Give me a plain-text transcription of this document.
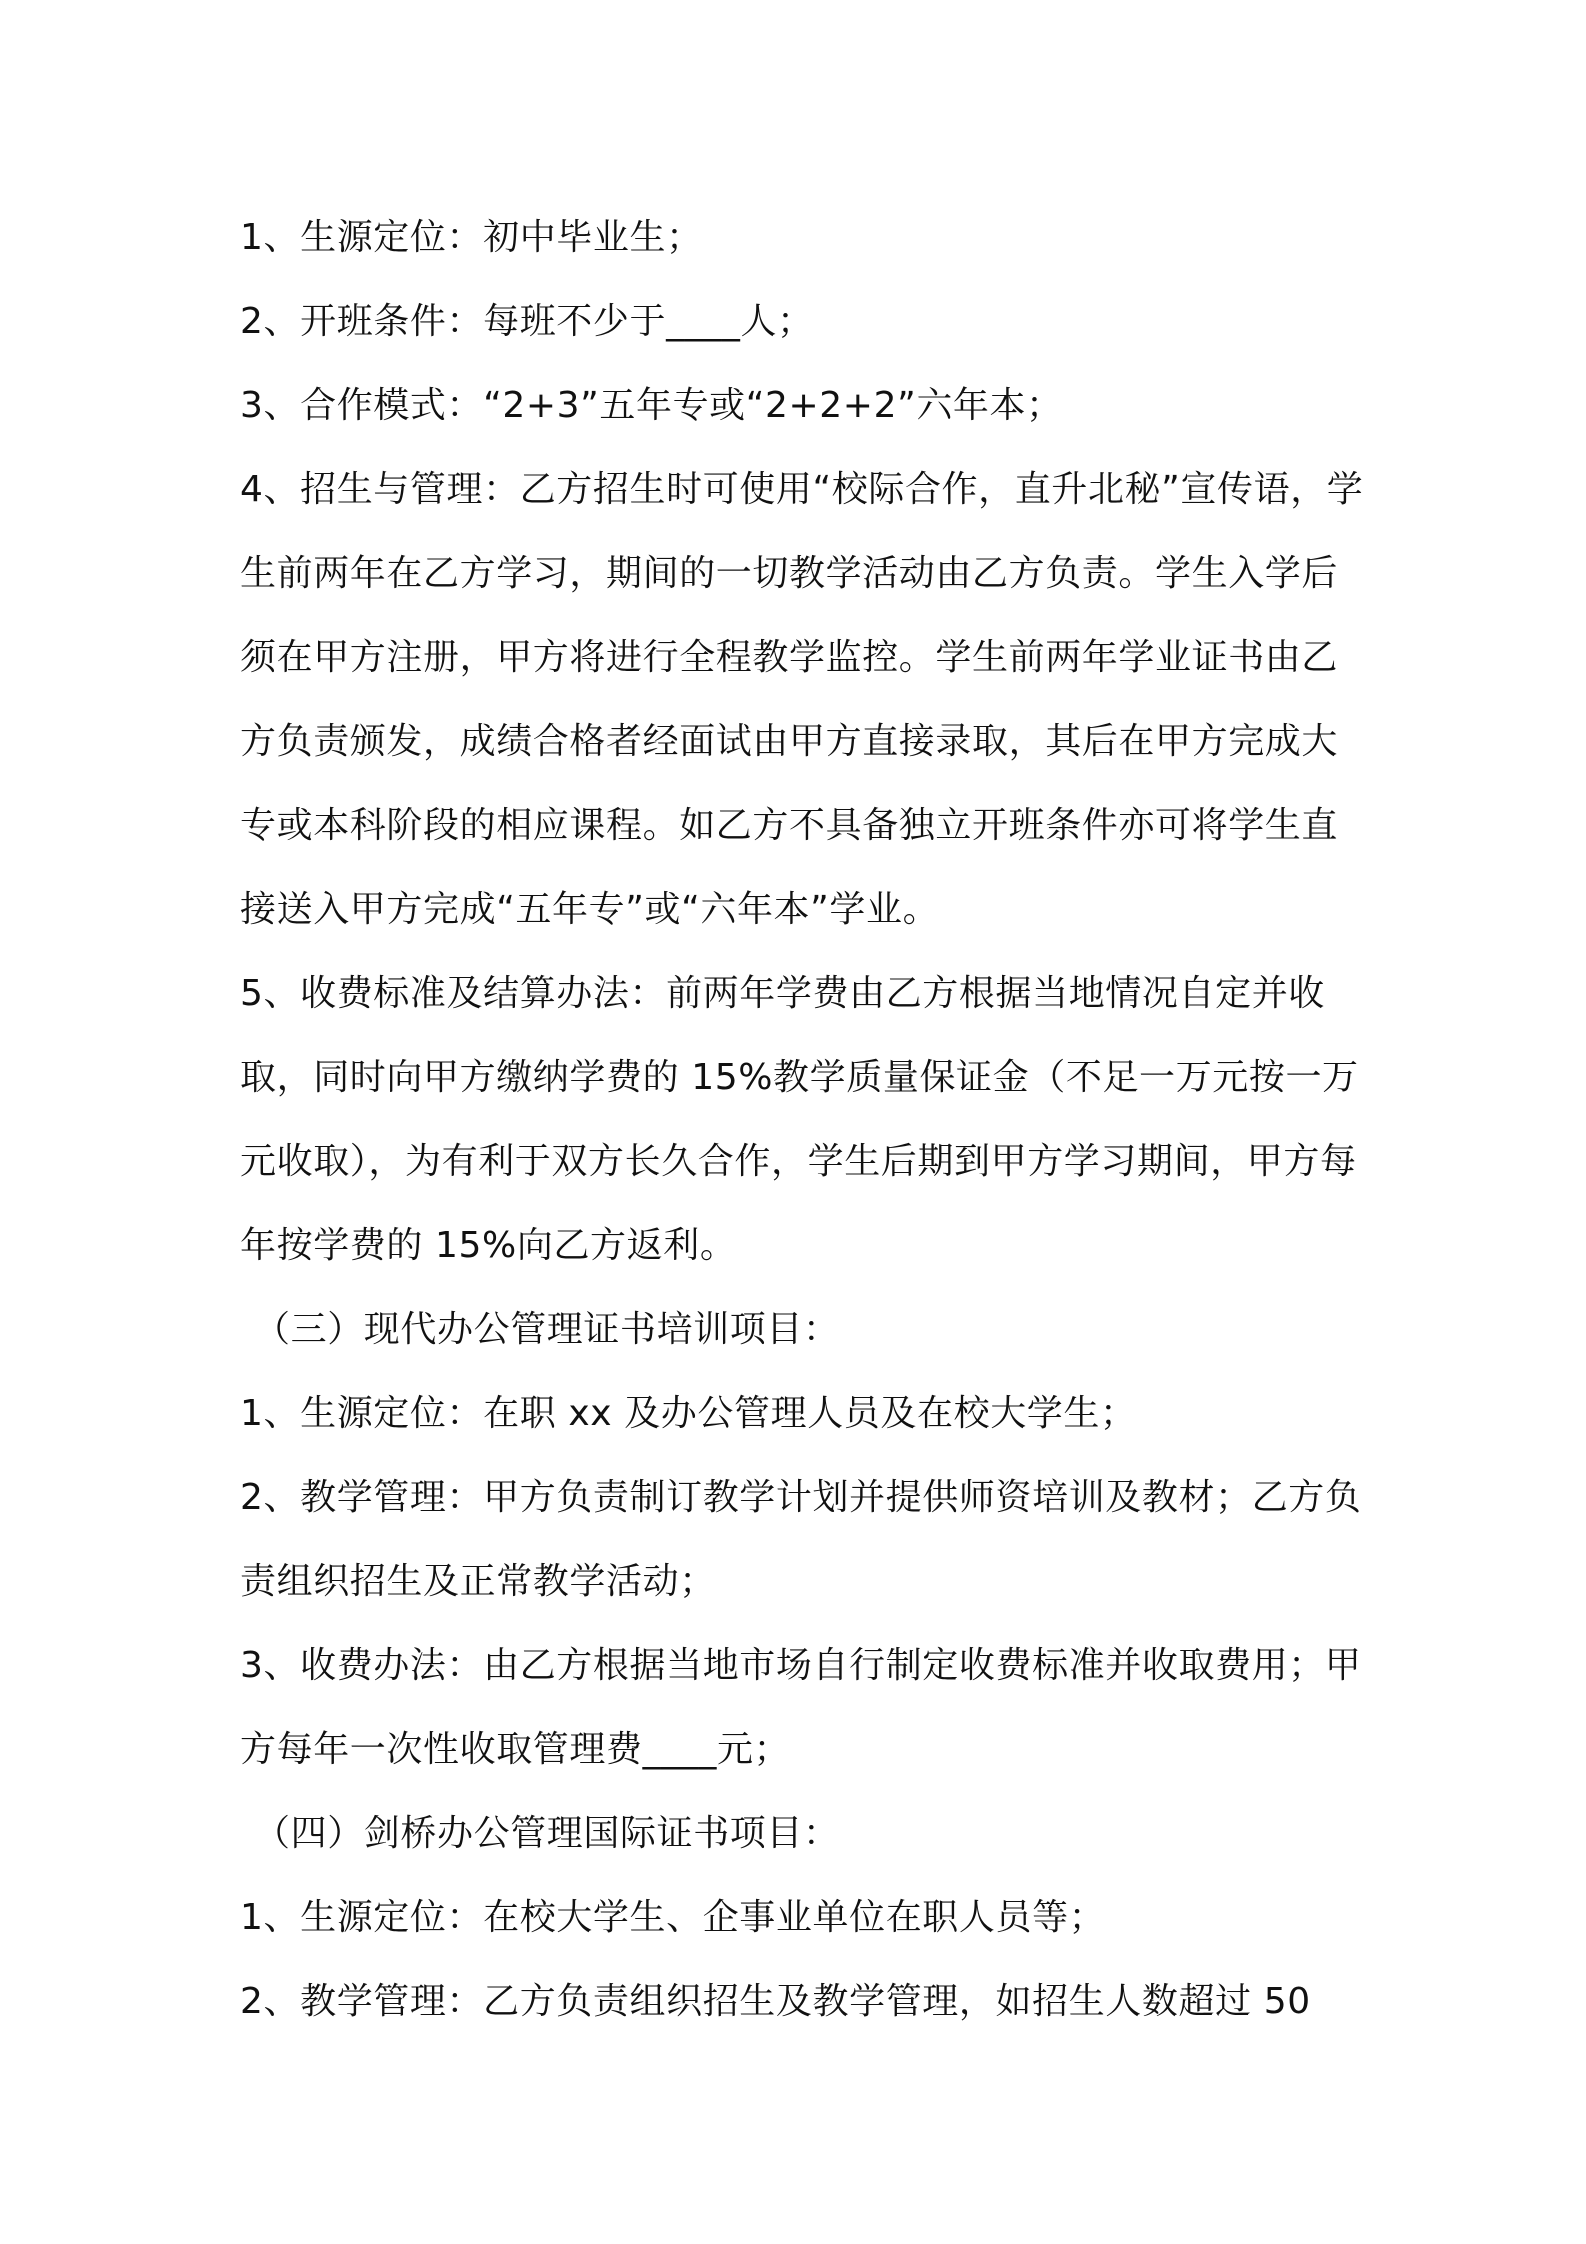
1、生源定位：初中毕业生；

2、开班条件：每班不少于____人；

3、合作模式：“2+3”五年专或“2+2+2”六年本；

4、招生与管理：乙方招生时可使用“校际合作，直升北秘”宣传语，学生前两年在乙方学习，期间的一切教学活动由乙方负责。学生入学后须在甲方注册，甲方将进行全程教学监控。学生前两年学业证书由乙方负责颁发，成绩合格者经面试由甲方直接录取，其后在甲方完成大专或本科阶段的相应课程。如乙方不具备独立开班条件亦可将学生直接送入甲方完成“五年专”或“六年本”学业。

5、收费标准及结算办法：前两年学费由乙方根据当地情况自定并收取，同时向甲方缴纳学费的 15%教学质量保证金（不足一万元按一万元收取），为有利于双方长久合作，学生后期到甲方学习期间，甲方每年按学费的 15%向乙方返利。

（三）现代办公管理证书培训项目：

1、生源定位：在职 xx 及办公管理人员及在校大学生；

2、教学管理：甲方负责制订教学计划并提供师资培训及教材；乙方负责组织招生及正常教学活动；

3、收费办法：由乙方根据当地市场自行制定收费标准并收取费用；甲方每年一次性收取管理费____元；

（四）剑桥办公管理国际证书项目：

1、生源定位：在校大学生、企事业单位在职人员等；

2、教学管理：乙方负责组织招生及教学管理，如招生人数超过 50
